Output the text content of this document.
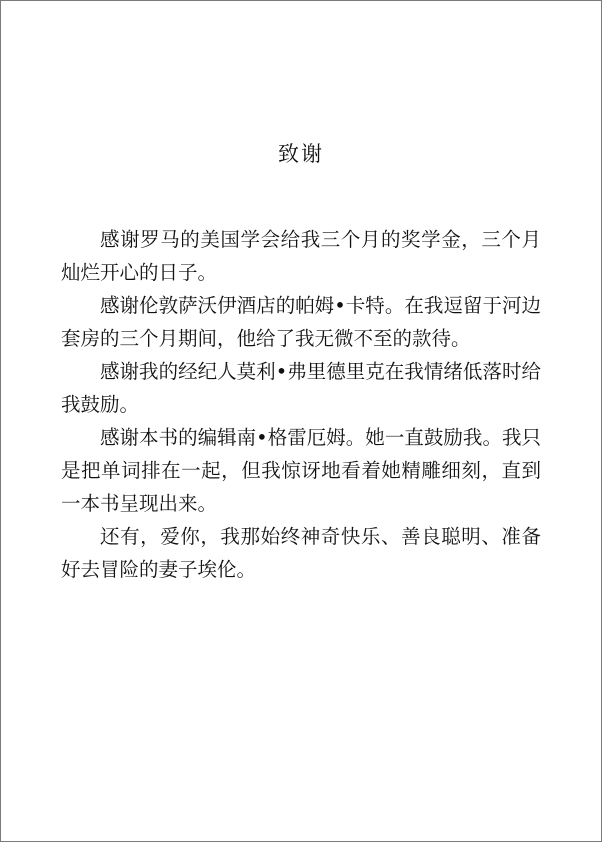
致谢

感谢罗马的美国学会给我三个月的奖学金，三个月灿烂开心的日子。

感谢伦敦萨沃伊酒店的帕姆•卡特。在我逗留于河边套房的三个月期间，他给了我无微不至的款待。

感谢我的经纪人莫利•弗里德里克在我情绪低落时给我鼓励。

感谢本书的编辑南•格雷厄姆。她一直鼓励我。我只是把单词排在一起，但我惊讶地看着她精雕细刻，直到一本书呈现出来。

还有，爱你，我那始终神奇快乐、善良聪明、准备好去冒险的妻子埃伦。
